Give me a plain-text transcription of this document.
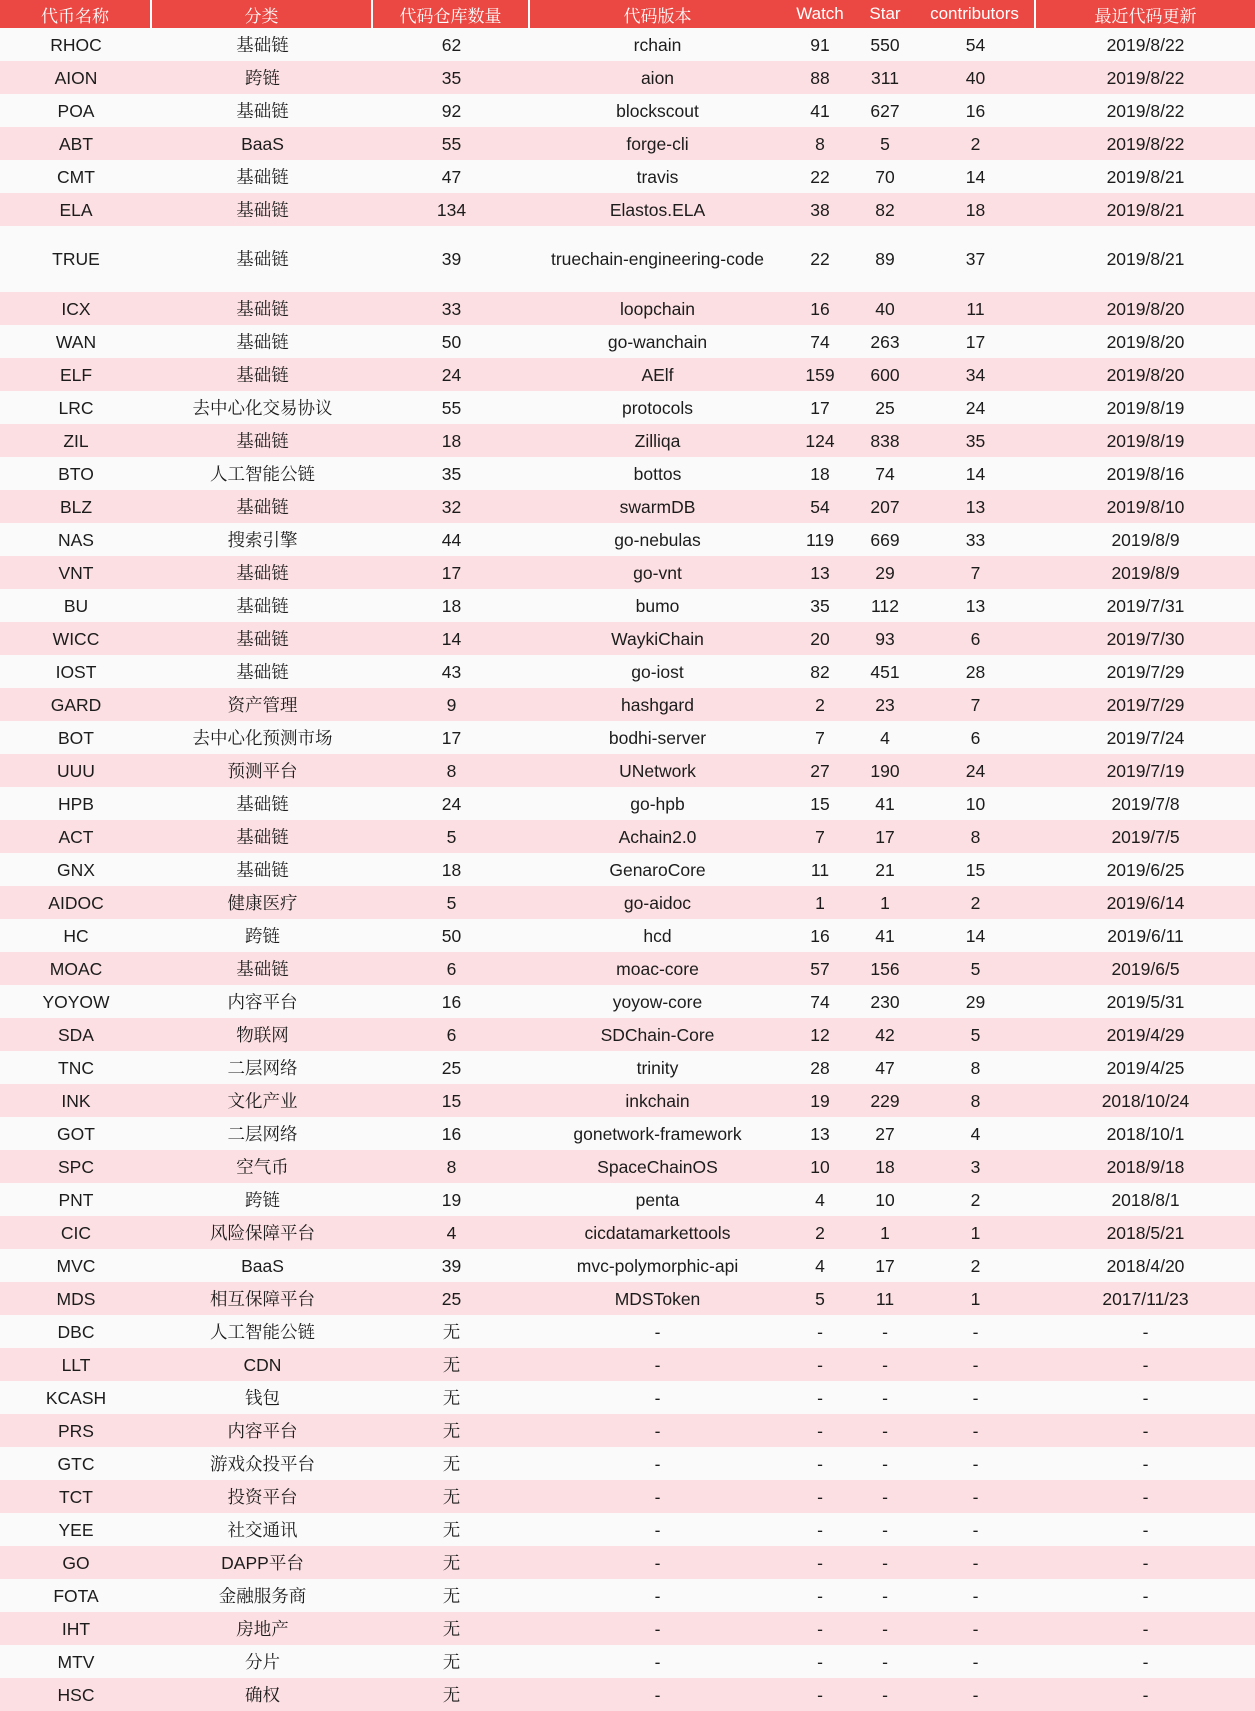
代币名称	分类	代码仓库数量	代码版本	Watch	Star	contributors	最近代码更新
RHOC	基础链	62	rchain	91	550	54	2019/8/22
AION	跨链	35	aion	88	311	40	2019/8/22
POA	基础链	92	blockscout	41	627	16	2019/8/22
ABT	BaaS	55	forge-cli	8	5	2	2019/8/22
CMT	基础链	47	travis	22	70	14	2019/8/21
ELA	基础链	134	Elastos.ELA	38	82	18	2019/8/21
TRUE	基础链	39	truechain-engineering-code	22	89	37	2019/8/21
ICX	基础链	33	loopchain	16	40	11	2019/8/20
WAN	基础链	50	go-wanchain	74	263	17	2019/8/20
ELF	基础链	24	AElf	159	600	34	2019/8/20
LRC	去中心化交易协议	55	protocols	17	25	24	2019/8/19
ZIL	基础链	18	Zilliqa	124	838	35	2019/8/19
BTO	人工智能公链	35	bottos	18	74	14	2019/8/16
BLZ	基础链	32	swarmDB	54	207	13	2019/8/10
NAS	搜索引擎	44	go-nebulas	119	669	33	2019/8/9
VNT	基础链	17	go-vnt	13	29	7	2019/8/9
BU	基础链	18	bumo	35	112	13	2019/7/31
WICC	基础链	14	WaykiChain	20	93	6	2019/7/30
IOST	基础链	43	go-iost	82	451	28	2019/7/29
GARD	资产管理	9	hashgard	2	23	7	2019/7/29
BOT	去中心化预测市场	17	bodhi-server	7	4	6	2019/7/24
UUU	预测平台	8	UNetwork	27	190	24	2019/7/19
HPB	基础链	24	go-hpb	15	41	10	2019/7/8
ACT	基础链	5	Achain2.0	7	17	8	2019/7/5
GNX	基础链	18	GenaroCore	11	21	15	2019/6/25
AIDOC	健康医疗	5	go-aidoc	1	1	2	2019/6/14
HC	跨链	50	hcd	16	41	14	2019/6/11
MOAC	基础链	6	moac-core	57	156	5	2019/6/5
YOYOW	内容平台	16	yoyow-core	74	230	29	2019/5/31
SDA	物联网	6	SDChain-Core	12	42	5	2019/4/29
TNC	二层网络	25	trinity	28	47	8	2019/4/25
INK	文化产业	15	inkchain	19	229	8	2018/10/24
GOT	二层网络	16	gonetwork-framework	13	27	4	2018/10/1
SPC	空气币	8	SpaceChainOS	10	18	3	2018/9/18
PNT	跨链	19	penta	4	10	2	2018/8/1
CIC	风险保障平台	4	cicdatamarkettools	2	1	1	2018/5/21
MVC	BaaS	39	mvc-polymorphic-api	4	17	2	2018/4/20
MDS	相互保障平台	25	MDSToken	5	11	1	2017/11/23
DBC	人工智能公链	无	-	-	-	-	-
LLT	CDN	无	-	-	-	-	-
KCASH	钱包	无	-	-	-	-	-
PRS	内容平台	无	-	-	-	-	-
GTC	游戏众投平台	无	-	-	-	-	-
TCT	投资平台	无	-	-	-	-	-
YEE	社交通讯	无	-	-	-	-	-
GO	DAPP平台	无	-	-	-	-	-
FOTA	金融服务商	无	-	-	-	-	-
IHT	房地产	无	-	-	-	-	-
MTV	分片	无	-	-	-	-	-
HSC	确权	无	-	-	-	-	-
